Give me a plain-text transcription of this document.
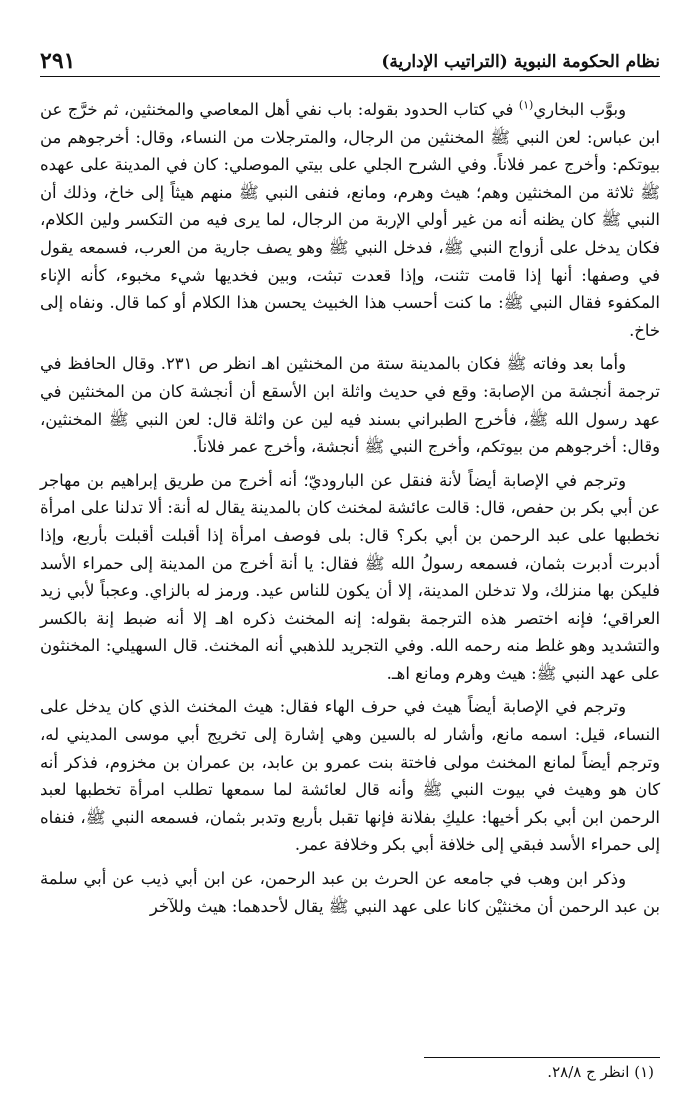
نظام الحكومة النبوية (التراتيب الإدارية)
٢٩١

وبوَّب البخاري$^{(١)}$ في كتاب الحدود بقوله: باب نفي أهل المعاصي والمخنثين، ثم خرَّج عن ابن عباس: لعن النبي ﷺ المخنثين من الرجال، والمترجلات من النساء، وقال: أخرجوهم من بيوتكم: وأخرج عمر فلاناً. وفي الشرح الجلي على بيتي الموصلي: كان في المدينة على عهده ﷺ ثلاثة من المخنثين وهم؛ هيث وهرم، ومانع، فنفى النبي ﷺ منهم هيثاً إلى خاخ، وذلك أن النبي ﷺ كان يظنه أنه من غير أولي الإربة من الرجال، لما يرى فيه من التكسر ولين الكلام، فكان يدخل على أزواج النبي ﷺ، فدخل النبي ﷺ وهو يصف جارية من العرب، فسمعه يقول في وصفها: أنها إذا قامت تثنت، وإذا قعدت تبثت، وبين فخديها شيء مخبوء، كأنه الإناء المكفوء فقال النبي ﷺ: ما كنت أحسب هذا الخبيث يحسن هذا الكلام أو كما قال. ونفاه إلى خاخ.

وأما بعد وفاته ﷺ فكان بالمدينة ستة من المخنثين اهـ انظر ص ٢٣١. وقال الحافظ في ترجمة أنجشة من الإصابة: وقع في حديث واثلة ابن الأسقع أن أنجشة كان من المخنثين في عهد رسول الله ﷺ، فأخرج الطبراني بسند فيه لين عن واثلة قال: لعن النبي ﷺ المخنثين، وقال: أخرجوهم من بيوتكم، وأخرج النبي ﷺ أنجشة، وأخرج عمر فلاناً.

وترجم في الإصابة أيضاً لأنة فنقل عن الباروديّ؛ أنه أخرج من طريق إبراهيم بن مهاجر عن أبي بكر بن حفص، قال: قالت عائشة لمخنث كان بالمدينة يقال له أنة: ألا تدلنا على امرأة نخطبها على عبد الرحمن بن أبي بكر؟ قال: بلى فوصف امرأة إذا أقبلت أقبلت بأربع، وإذا أدبرت أدبرت بثمان، فسمعه رسولُ الله ﷺ فقال: يا أنة أخرج من المدينة إلى حمراء الأسد فليكن بها منزلك، ولا تدخلن المدينة، إلا أن يكون للناس عيد. ورمز له بالزاي. وعجباً لأبي زيد العراقي؛ فإنه اختصر هذه الترجمة بقوله: إنه المخنث ذكره اهـ إلا أنه ضبط إنة بالكسر والتشديد وهو غلط منه رحمه الله. وفي التجريد للذهبي أنه المخنث. قال السهيلي: المخنثون على عهد النبي ﷺ: هيث وهرم ومانع اهـ.

وترجم في الإصابة أيضاً هيث في حرف الهاء فقال: هيث المخنث الذي كان يدخل على النساء، قيل: اسمه مانع، وأشار له بالسين وهي إشارة إلى تخريج أبي موسى المديني له، وترجم أيضاً لمانع المخنث مولى فاختة بنت عمرو بن عابد، بن عمران بن مخزوم، فذكر أنه كان هو وهيث في بيوت النبي ﷺ وأنه قال لعائشة لما سمعها تطلب امرأة تخطبها لعبد الرحمن ابن أبي بكر أخيها: عليكِ بفلانة فإنها تقبل بأربع وتدبر بثمان، فسمعه النبي ﷺ، فنفاه إلى حمراء الأسد فبقي إلى خلافة أبي بكر وخلافة عمر.

وذكر ابن وهب في جامعه عن الحرث بن عبد الرحمن، عن ابن أبي ذيب عن أبي سلمة بن عبد الرحمن أن مخنثيْن كانا على عهد النبي ﷺ يقال لأحدهما: هيث وللآخر

(١) انظر ج ٢٨/٨.
